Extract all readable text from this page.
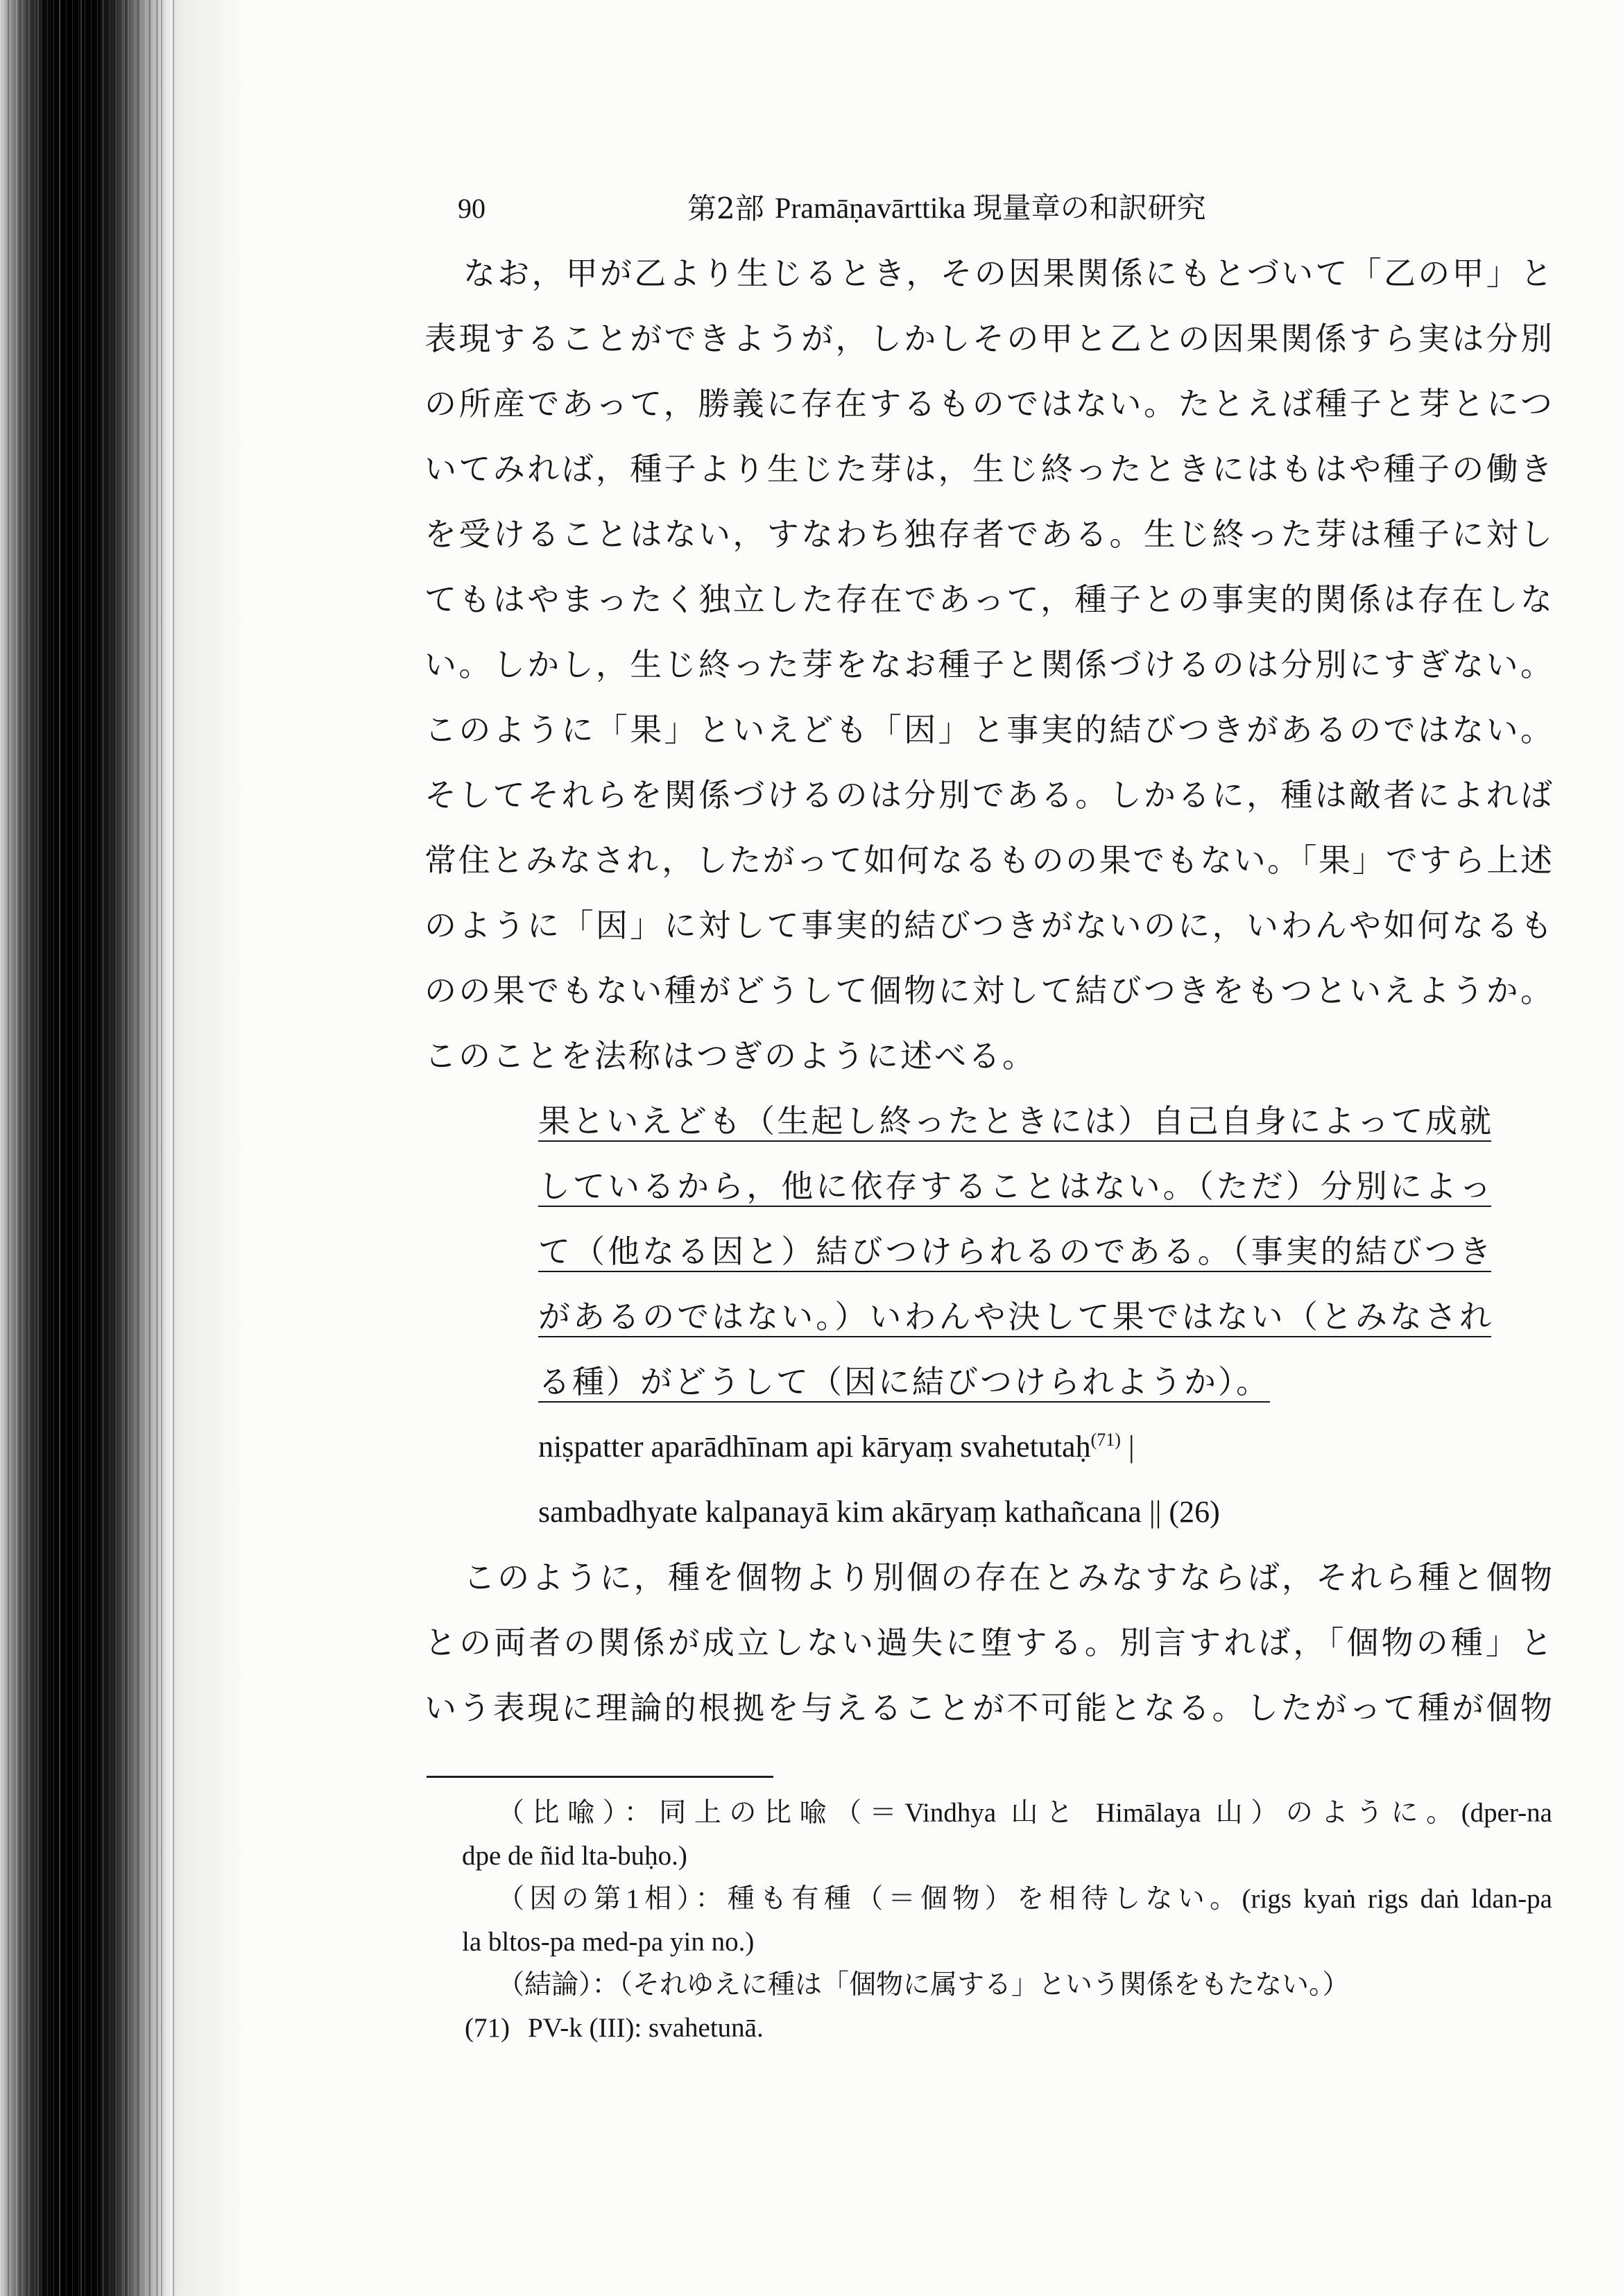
90	第2部 Pramāṇavārttika 現量章の和訳研究
なお，甲が乙より生じるとき，その因果関係にもとづいて「乙の甲」と
表現することができようが，しかしその甲と乙との因果関係すら実は分別
の所産であって，勝義に存在するものではない。たとえば種子と芽とにつ
いてみれば，種子より生じた芽は，生じ終ったときにはもはや種子の働き
を受けることはない，すなわち独存者である。生じ終った芽は種子に対し
てもはやまったく独立した存在であって，種子との事実的関係は存在しな
い。しかし，生じ終った芽をなお種子と関係づけるのは分別にすぎない。
このように「果」といえども「因」と事実的結びつきがあるのではない。
そしてそれらを関係づけるのは分別である。しかるに，種は敵者によれば
常住とみなされ，したがって如何なるものの果でもない。「果」ですら上述
のように「因」に対して事実的結びつきがないのに，いわんや如何なるも
のの果でもない種がどうして個物に対して結びつきをもつといえようか。
このことを法称はつぎのように述べる。
果といえども（生起し終ったときには）自己自身によって成就
しているから，他に依存することはない。（ただ）分別によっ
て（他なる因と）結びつけられるのである。（事実的結びつき
があるのではない。）いわんや決して果ではない（とみなされ
る種）がどうして（因に結びつけられようか）。
niṣpatter aparādhīnam api kāryaṃ svahetutaḥ$^{(71)}$ |
sambadhyate kalpanayā kim akāryaṃ kathañcana || (26)
このように，種を個物より別個の存在とみなすならば，それら種と個物
との両者の関係が成立しない過失に堕する。別言すれば，「個物の種」と
いう表現に理論的根拠を与えることが不可能となる。したがって種が個物
（比喩）：同上の比喩（＝Vindhya 山と Himālaya 山）のように。(dper-na
dpe de ñid lta-buḥo.)
（因の第1相）：種も有種（＝個物）を相待しない。(rigs kyaṅ rigs daṅ ldan-pa
la bltos-pa med-pa yin no.)
（結論）：（それゆえに種は「個物に属する」という関係をもたない。）
(71) PV-k (III): svahetunā.
